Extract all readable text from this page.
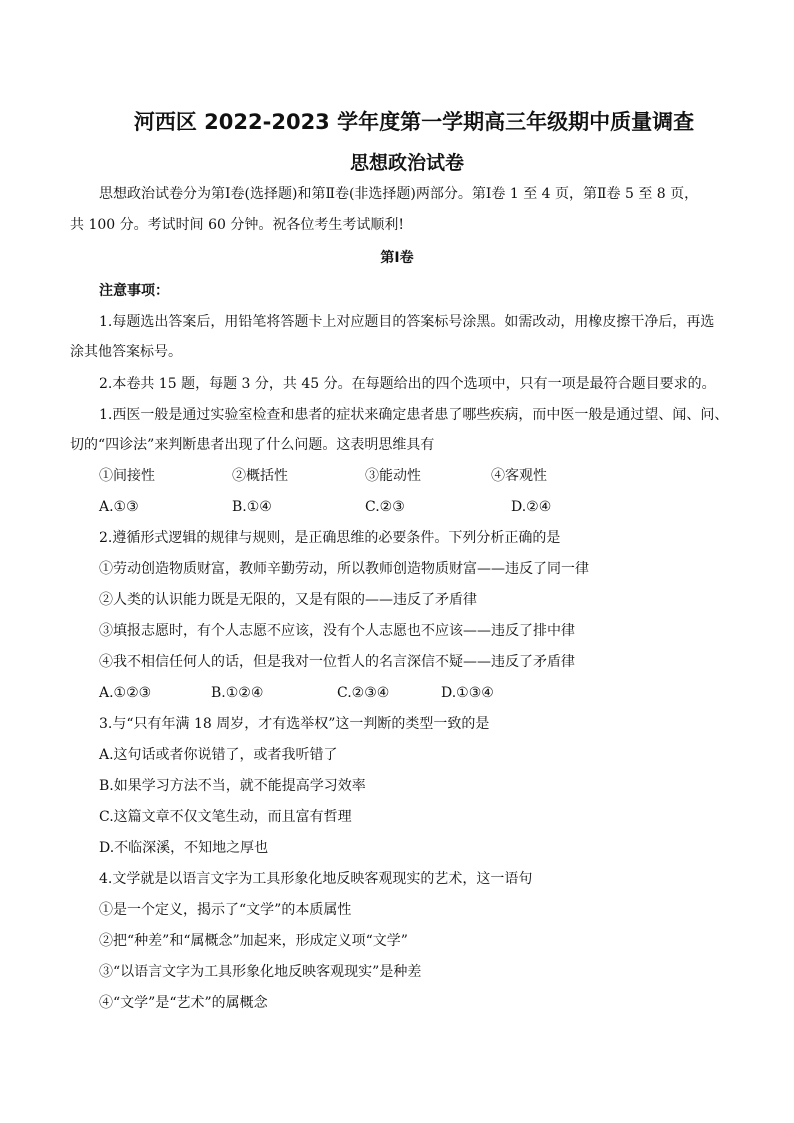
河西区 2022-2023 学年度第一学期高三年级期中质量调查
思想政治试卷
思想政治试卷分为第Ⅰ卷(选择题)和第Ⅱ卷(非选择题)两部分。第Ⅰ卷 1 至 4 页，第Ⅱ卷 5 至 8 页，
共 100 分。考试时间 60 分钟。祝各位考生考试顺利!
第Ⅰ卷
注意事项：
1.每题选出答案后，用铅笔将答题卡上对应题目的答案标号涂黑。如需改动，用橡皮擦干净后，再选
涂其他答案标号。
2.本卷共 15 题，每题 3 分，共 45 分。在每题给出的四个选项中，只有一项是最符合题目要求的。
1.西医一般是通过实验室检查和患者的症状来确定患者患了哪些疾病，而中医一般是通过望、闻、问、
切的“四诊法”来判断患者出现了什么问题。这表明思维具有
①间接性	②概括性	③能动性	④客观性
A.①③	B.①④	C.②③	D.②④
2.遵循形式逻辑的规律与规则，是正确思维的必要条件。下列分析正确的是
①劳动创造物质财富，教师辛勤劳动，所以教师创造物质财富——违反了同一律
②人类的认识能力既是无限的，又是有限的——违反了矛盾律
③填报志愿时，有个人志愿不应该，没有个人志愿也不应该——违反了排中律
④我不相信任何人的话，但是我对一位哲人的名言深信不疑——违反了矛盾律
A.①②③	B.①②④	C.②③④	D.①③④
3.与“只有年满 18 周岁，才有选举权”这一判断的类型一致的是
A.这句话或者你说错了，或者我听错了
B.如果学习方法不当，就不能提高学习效率
C.这篇文章不仅文笔生动，而且富有哲理
D.不临深溪，不知地之厚也
4.文学就是以语言文字为工具形象化地反映客观现实的艺术，这一语句
①是一个定义，揭示了“文学”的本质属性
②把“种差”和“属概念”加起来，形成定义项“文学”
③“以语言文字为工具形象化地反映客观现实”是种差
④“文学”是“艺术”的属概念
